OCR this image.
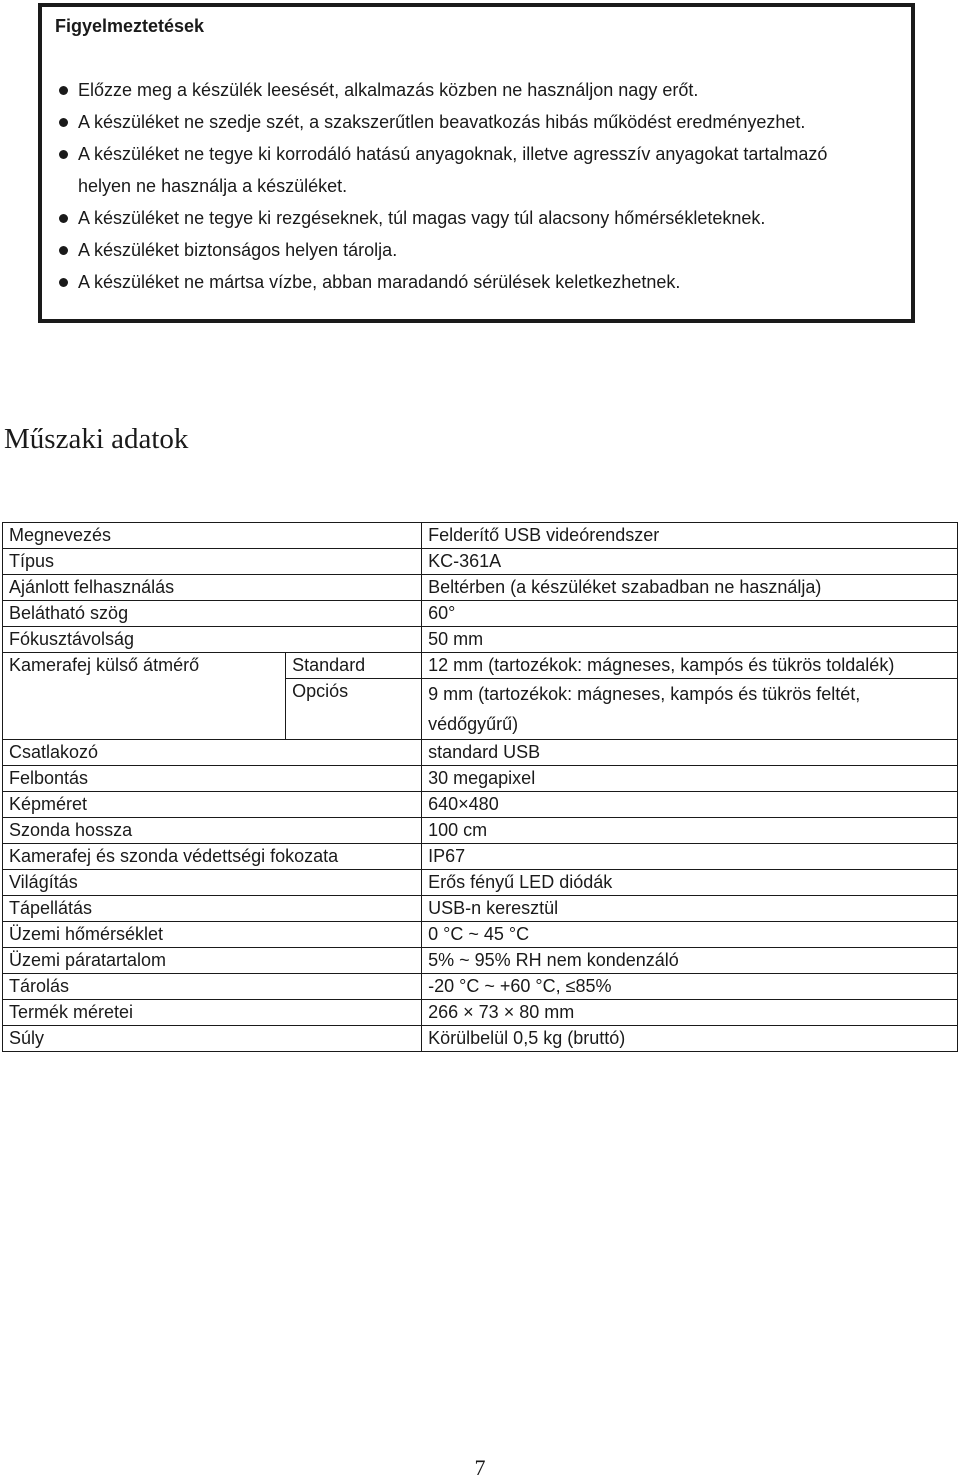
Figyelmeztetések
Előzze meg a készülék leesését, alkalmazás közben ne használjon nagy erőt.
A készüléket ne szedje szét, a szakszerűtlen beavatkozás hibás működést eredményezhet.
A készüléket ne tegye ki korrodáló hatású anyagoknak, illetve agresszív anyagokat tartalmazó
helyen ne használja a készüléket.
A készüléket ne tegye ki rezgéseknek, túl magas vagy túl alacsony hőmérsékleteknek.
A készüléket biztonságos helyen tárolja.
A készüléket ne mártsa vízbe, abban maradandó sérülések keletkezhetnek.
Műszaki adatok
Megnevezés		Felderítő USB videórendszer
Típus		KC-361A
Ajánlott felhasználás		Beltérben (a készüléket szabadban ne használja)
Belátható szög		60°
Fókusztávolság		50 mm
Kamerafej külső átmérő	Standard	12 mm (tartozékok: mágneses, kampós és tükrös toldalék)
	Opciós	9 mm (tartozékok: mágneses, kampós és tükrös feltét,
védőgyűrű)

Csatlakozó		standard USB
Felbontás		30 megapixel
Képméret		640×480
Szonda hossza		100 cm
Kamerafej és szonda védettségi fokozata		IP67
Világítás		Erős fényű LED diódák
Tápellátás		USB-n keresztül
Üzemi hőmérséklet		0 °C ~ 45 °C
Üzemi páratartalom		5% ~ 95% RH nem kondenzáló
Tárolás		-20 °C ~ +60 °C, ≤85%
Termék méretei		266 × 73 × 80 mm
Súly		Körülbelül 0,5 kg (bruttó)
7
